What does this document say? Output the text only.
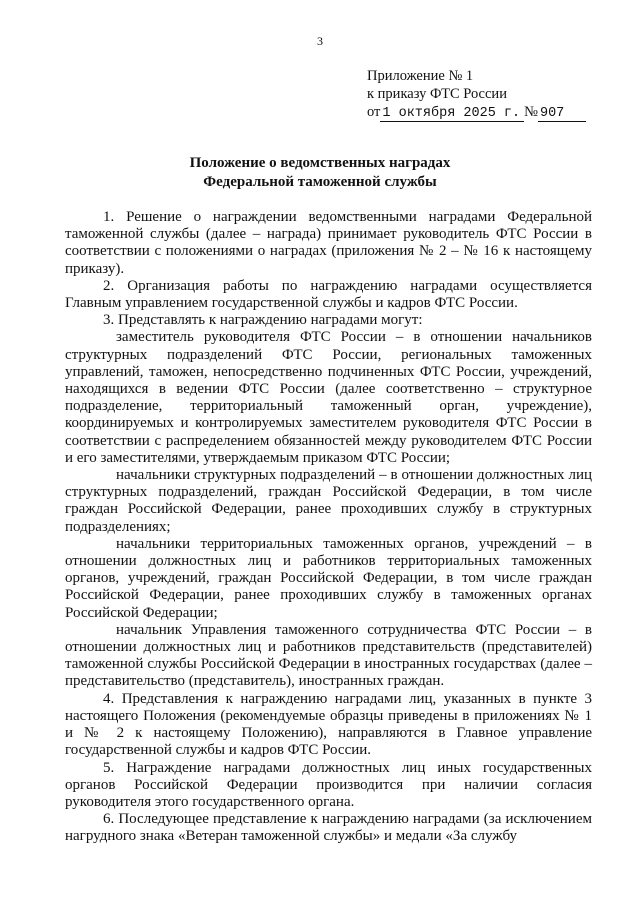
3
Приложение № 1
к приказу ФТС России
от 1 октября 2025 г. № 907
Положение о ведомственных наградах
Федеральной таможенной службы

1. Решение о награждении ведомственными наградами Федеральной таможенной службы (далее – награда) принимает руководитель ФТС России в соответствии с положениями о наградах (приложения № 2 – № 16 к настоящему приказу).

2. Организация работы по награждению наградами осуществляется Главным управлением государственной службы и кадров ФТС России.

3. Представлять к награждению наградами могут:

заместитель руководителя ФТС России – в отношении начальников структурных подразделений ФТС России, региональных таможенных управлений, таможен, непосредственно подчиненных ФТС России, учреждений, находящихся в ведении ФТС России (далее соответственно – структурное подразделение, территориальный таможенный орган, учреждение), координируемых и контролируемых заместителем руководителя ФТС России в соответствии с распределением обязанностей между руководителем ФТС России и его заместителями, утверждаемым приказом ФТС России;

начальники структурных подразделений – в отношении должностных лиц структурных подразделений, граждан Российской Федерации, в том числе граждан Российской Федерации, ранее проходивших службу в структурных подразделениях;

начальники территориальных таможенных органов, учреждений – в отношении должностных лиц и работников территориальных таможенных органов, учреждений, граждан Российской Федерации, в том числе граждан Российской Федерации, ранее проходивших службу в таможенных органах Российской Федерации;

начальник Управления таможенного сотрудничества ФТС России – в отношении должностных лиц и работников представительств (представителей) таможенной службы Российской Федерации в иностранных государствах (далее – представительство (представитель), иностранных граждан.

4. Представления к награждению наградами лиц, указанных в пункте 3 настоящего Положения (рекомендуемые образцы приведены в приложениях № 1 и № 2 к настоящему Положению), направляются в Главное управление государственной службы и кадров ФТС России.

5. Награждение наградами должностных лиц иных государственных органов Российской Федерации производится при наличии согласия руководителя этого государственного органа.

6. Последующее представление к награждению наградами (за исключением нагрудного знака «Ветеран таможенной службы» и медали «За службу
